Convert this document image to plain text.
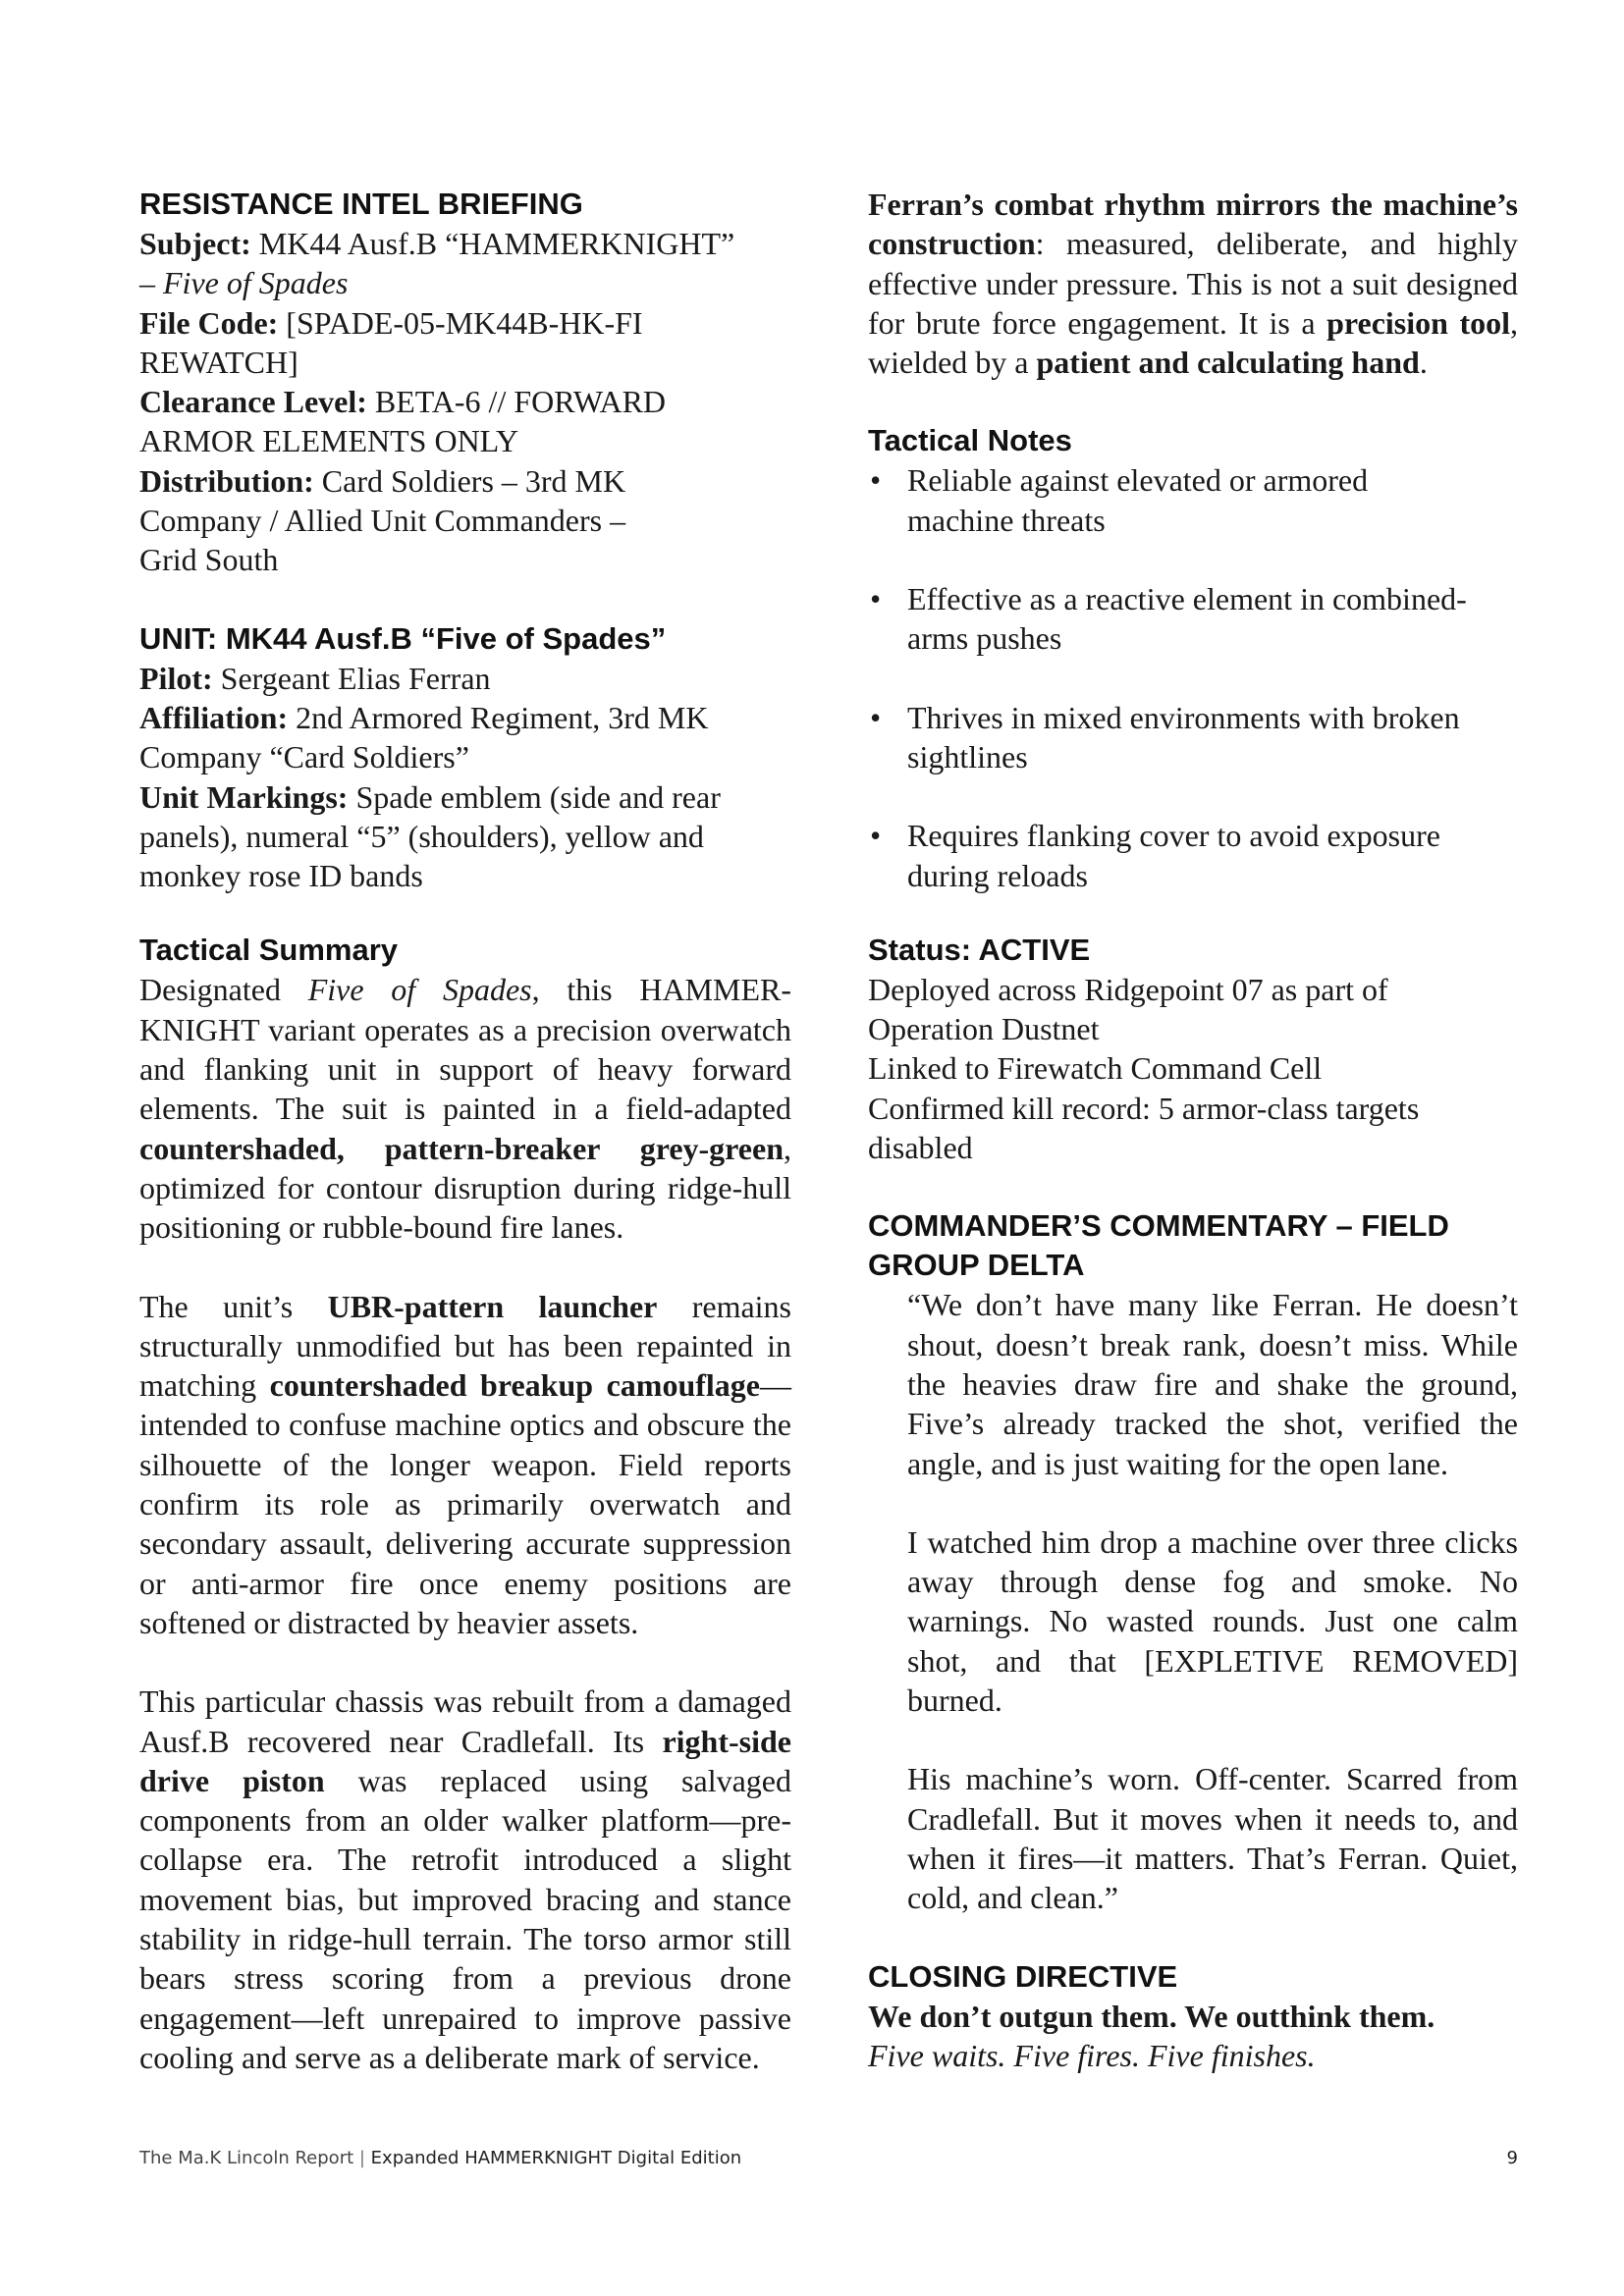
RESISTANCE INTEL BRIEFING

Subject: MK44 Ausf.B “HAMMERKNIGHT”
– Five of Spades

File Code: [SPADE-05-MK44B-HK-FIREWATCH]

Clearance Level: BETA-6 // FORWARD ARMOR ELEMENTS ONLY

Distribution: Card Soldiers – 3rd MK Company / Allied Unit Commanders – Grid South

UNIT: MK44 Ausf.B “Five of Spades”

Pilot: Sergeant Elias Ferran

Affiliation: 2nd Armored Regiment, 3rd MK Company “Card Soldiers”

Unit Markings: Spade emblem (side and rear panels), numeral “5” (shoulders), yellow and monkey rose ID bands

Tactical Summary

Designated Five of Spades, this HAMMER-KNIGHT variant operates as a precision overwatch and flanking unit in support of heavy forward elements. The suit is painted in a field-adapted countershaded, pattern-breaker grey-green, optimized for contour disruption during ridge-hull positioning or rubble-bound fire lanes.

The unit’s UBR-pattern launcher remains structurally unmodified but has been repainted in matching countershaded breakup camouflage—intended to confuse machine optics and obscure the silhouette of the longer weapon. Field reports confirm its role as primarily overwatch and secondary assault, delivering accurate suppression or anti-armor fire once enemy positions are softened or distracted by heavier assets.

This particular chassis was rebuilt from a damaged Ausf.B recovered near Cradlefall. Its right-side drive piston was replaced using salvaged components from an older walker platform—pre-collapse era. The retrofit introduced a slight movement bias, but improved bracing and stance stability in ridge-hull terrain. The torso armor still bears stress scoring from a previous drone engagement—left unrepaired to improve passive cooling and serve as a deliberate mark of service.

Ferran’s combat rhythm mirrors the machine’s construction: measured, deliberate, and highly effective under pressure. This is not a suit designed for brute force engagement. It is a precision tool, wielded by a patient and calculating hand.

Tactical Notes
• Reliable against elevated or armored machine threats
• Effective as a reactive element in combined-arms pushes
• Thrives in mixed environments with broken sightlines
• Requires flanking cover to avoid exposure during reloads
Status: ACTIVE

Deployed across Ridgepoint 07 as part of Operation Dustnet

Linked to Firewatch Command Cell

Confirmed kill record: 5 armor-class targets disabled

COMMANDER’S COMMENTARY – FIELD GROUP DELTA

“We don’t have many like Ferran. He doesn’t shout, doesn’t break rank, doesn’t miss. While the heavies draw fire and shake the ground, Five’s already tracked the shot, verified the angle, and is just waiting for the open lane.

I watched him drop a machine over three clicks away through dense fog and smoke. No warnings. No wasted rounds. Just one calm shot, and that [EXPLETIVE REMOVED] burned.

His machine’s worn. Off-center. Scarred from Cradlefall. But it moves when it needs to, and when it fires—it matters. That’s Ferran. Quiet, cold, and clean.”

CLOSING DIRECTIVE

We don’t outgun them. We outthink them.

Five waits. Five fires. Five finishes.

The Ma.K Lincoln Report | Expanded HAMMERKNIGHT Digital Edition	9
